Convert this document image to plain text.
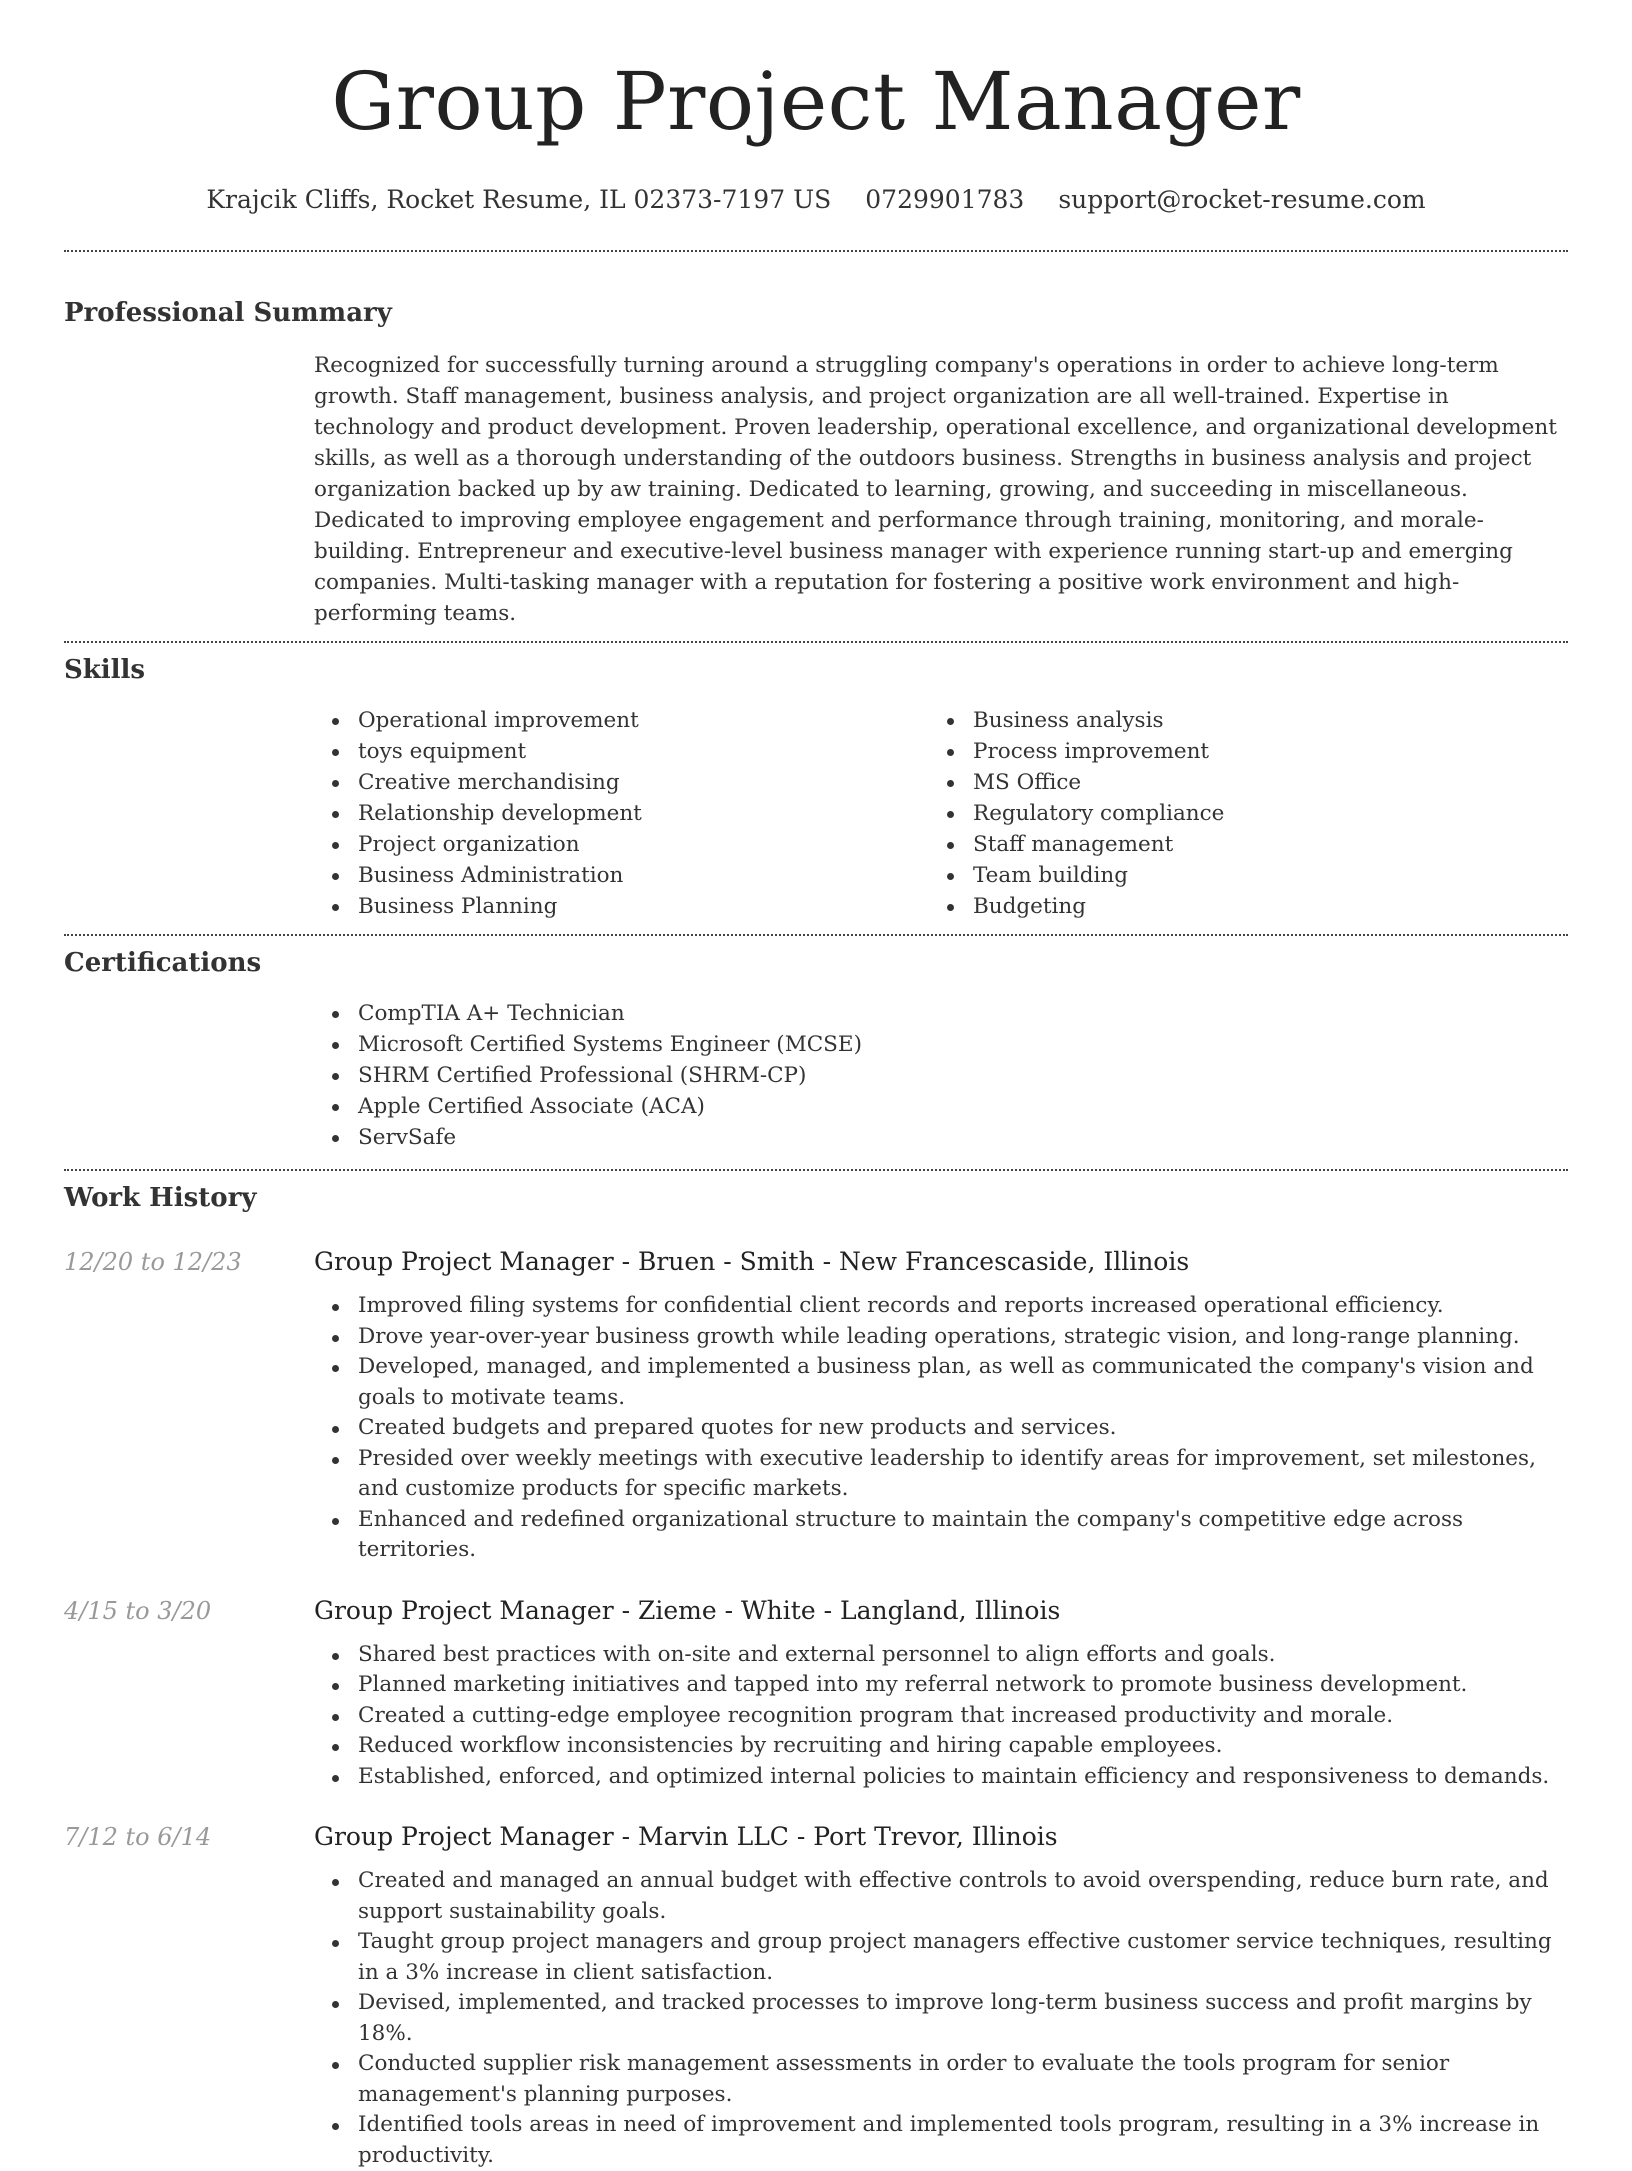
Group Project Manager
Krajcik Cliffs, Rocket Resume, IL 02373-7197 US 0729901783 support@rocket-resume.com
Professional Summary
Recognized for successfully turning around a struggling company's operations in order to achieve long-term growth. Staff management, business analysis, and project organization are all well-trained. Expertise in technology and product development. Proven leadership, operational excellence, and organizational development skills, as well as a thorough understanding of the outdoors business. Strengths in business analysis and project organization backed up by aw training. Dedicated to learning, growing, and succeeding in miscellaneous. Dedicated to improving employee engagement and performance through training, monitoring, and morale-building. Entrepreneur and executive-level business manager with experience running start-up and emerging companies. Multi-tasking manager with a reputation for fostering a positive work environment and high-performing teams.
Skills
Operational improvement
toys equipment
Creative merchandising
Relationship development
Project organization
Business Administration
Business Planning
Business analysis
Process improvement
MS Office
Regulatory compliance
Staff management
Team building
Budgeting
Certifications
CompTIA A+ Technician
Microsoft Certified Systems Engineer (MCSE)
SHRM Certified Professional (SHRM-CP)
Apple Certified Associate (ACA)
ServSafe
Work History
12/20 to 12/23	Group Project Manager - Bruen - Smith - New Francescaside, Illinois
Improved filing systems for confidential client records and reports increased operational efficiency.
Drove year-over-year business growth while leading operations, strategic vision, and long-range planning.
Developed, managed, and implemented a business plan, as well as communicated the company's vision and goals to motivate teams.
Created budgets and prepared quotes for new products and services.
Presided over weekly meetings with executive leadership to identify areas for improvement, set milestones, and customize products for specific markets.
Enhanced and redefined organizational structure to maintain the company's competitive edge across territories.
4/15 to 3/20	Group Project Manager - Zieme - White - Langland, Illinois
Shared best practices with on-site and external personnel to align efforts and goals.
Planned marketing initiatives and tapped into my referral network to promote business development.
Created a cutting-edge employee recognition program that increased productivity and morale.
Reduced workflow inconsistencies by recruiting and hiring capable employees.
Established, enforced, and optimized internal policies to maintain efficiency and responsiveness to demands.
7/12 to 6/14	Group Project Manager - Marvin LLC - Port Trevor, Illinois
Created and managed an annual budget with effective controls to avoid overspending, reduce burn rate, and support sustainability goals.
Taught group project managers and group project managers effective customer service techniques, resulting in a 3% increase in client satisfaction.
Devised, implemented, and tracked processes to improve long-term business success and profit margins by 18%.
Conducted supplier risk management assessments in order to evaluate the tools program for senior management's planning purposes.
Identified tools areas in need of improvement and implemented tools program, resulting in a 3% increase in productivity.
